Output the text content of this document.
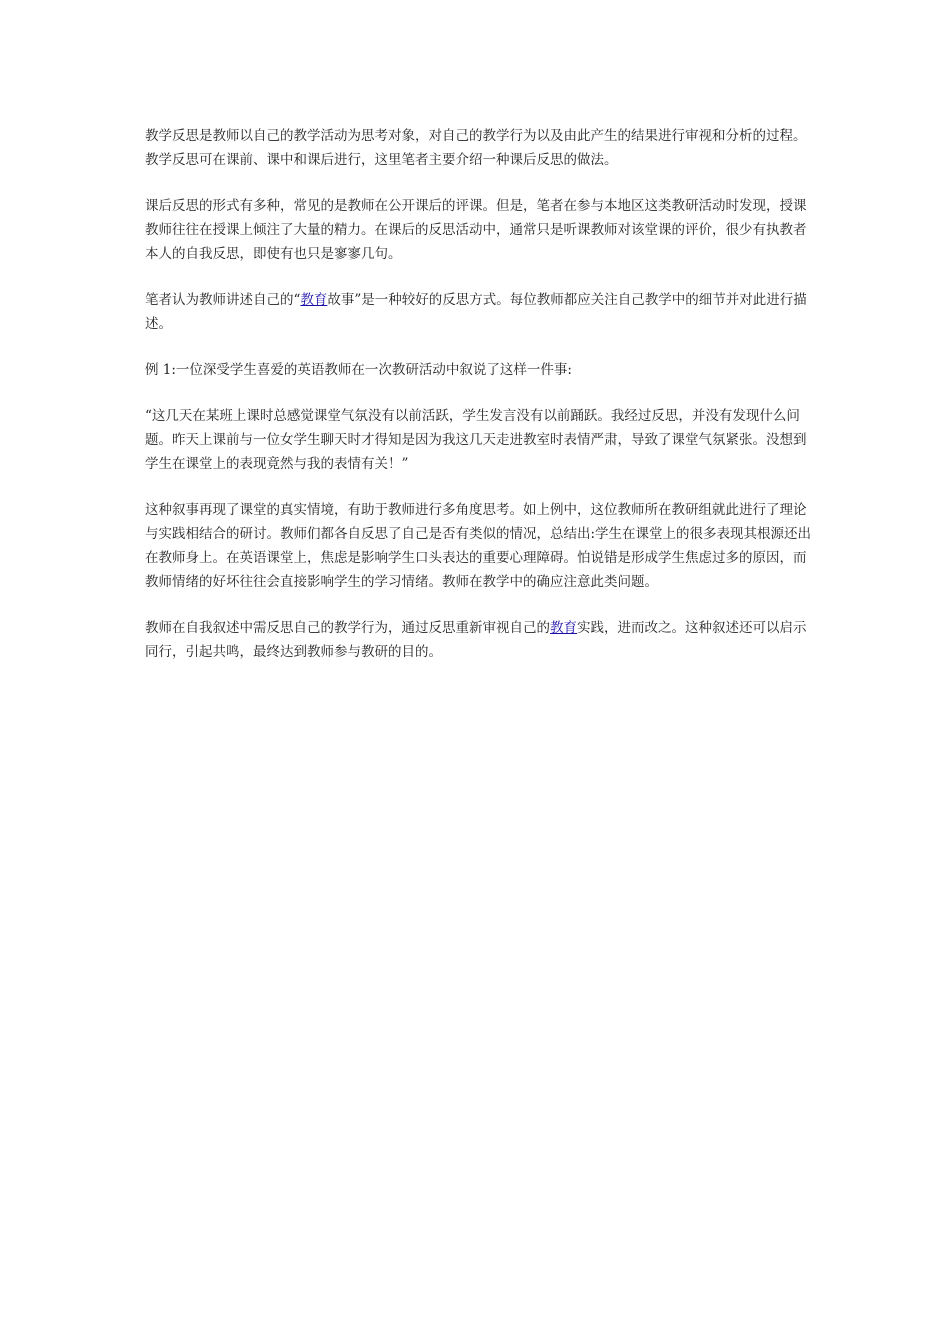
教学反思是教师以自己的教学活动为思考对象，对自己的教学行为以及由此产生的结果进行审视和分析的过程。教学反思可在课前、课中和课后进行，这里笔者主要介绍一种课后反思的做法。

课后反思的形式有多种，常见的是教师在公开课后的评课。但是，笔者在参与本地区这类教研活动时发现，授课教师往往在授课上倾注了大量的精力。在课后的反思活动中，通常只是听课教师对该堂课的评价，很少有执教者本人的自我反思，即使有也只是寥寥几句。

笔者认为教师讲述自己的“教育故事”是一种较好的反思方式。每位教师都应关注自己教学中的细节并对此进行描述。

例 1:一位深受学生喜爱的英语教师在一次教研活动中叙说了这样一件事:

“这几天在某班上课时总感觉课堂气氛没有以前活跃，学生发言没有以前踊跃。我经过反思，并没有发现什么问题。昨天上课前与一位女学生聊天时才得知是因为我这几天走进教室时表情严肃，导致了课堂气氛紧张。没想到学生在课堂上的表现竟然与我的表情有关！”

这种叙事再现了课堂的真实情境，有助于教师进行多角度思考。如上例中，这位教师所在教研组就此进行了理论与实践相结合的研讨。教师们都各自反思了自己是否有类似的情况，总结出:学生在课堂上的很多表现其根源还出在教师身上。在英语课堂上，焦虑是影响学生口头表达的重要心理障碍。怕说错是形成学生焦虑过多的原因，而教师情绪的好坏往往会直接影响学生的学习情绪。教师在教学中的确应注意此类问题。

教师在自我叙述中需反思自己的教学行为，通过反思重新审视自己的教育实践，进而改之。这种叙述还可以启示同行，引起共鸣，最终达到教师参与教研的目的。
